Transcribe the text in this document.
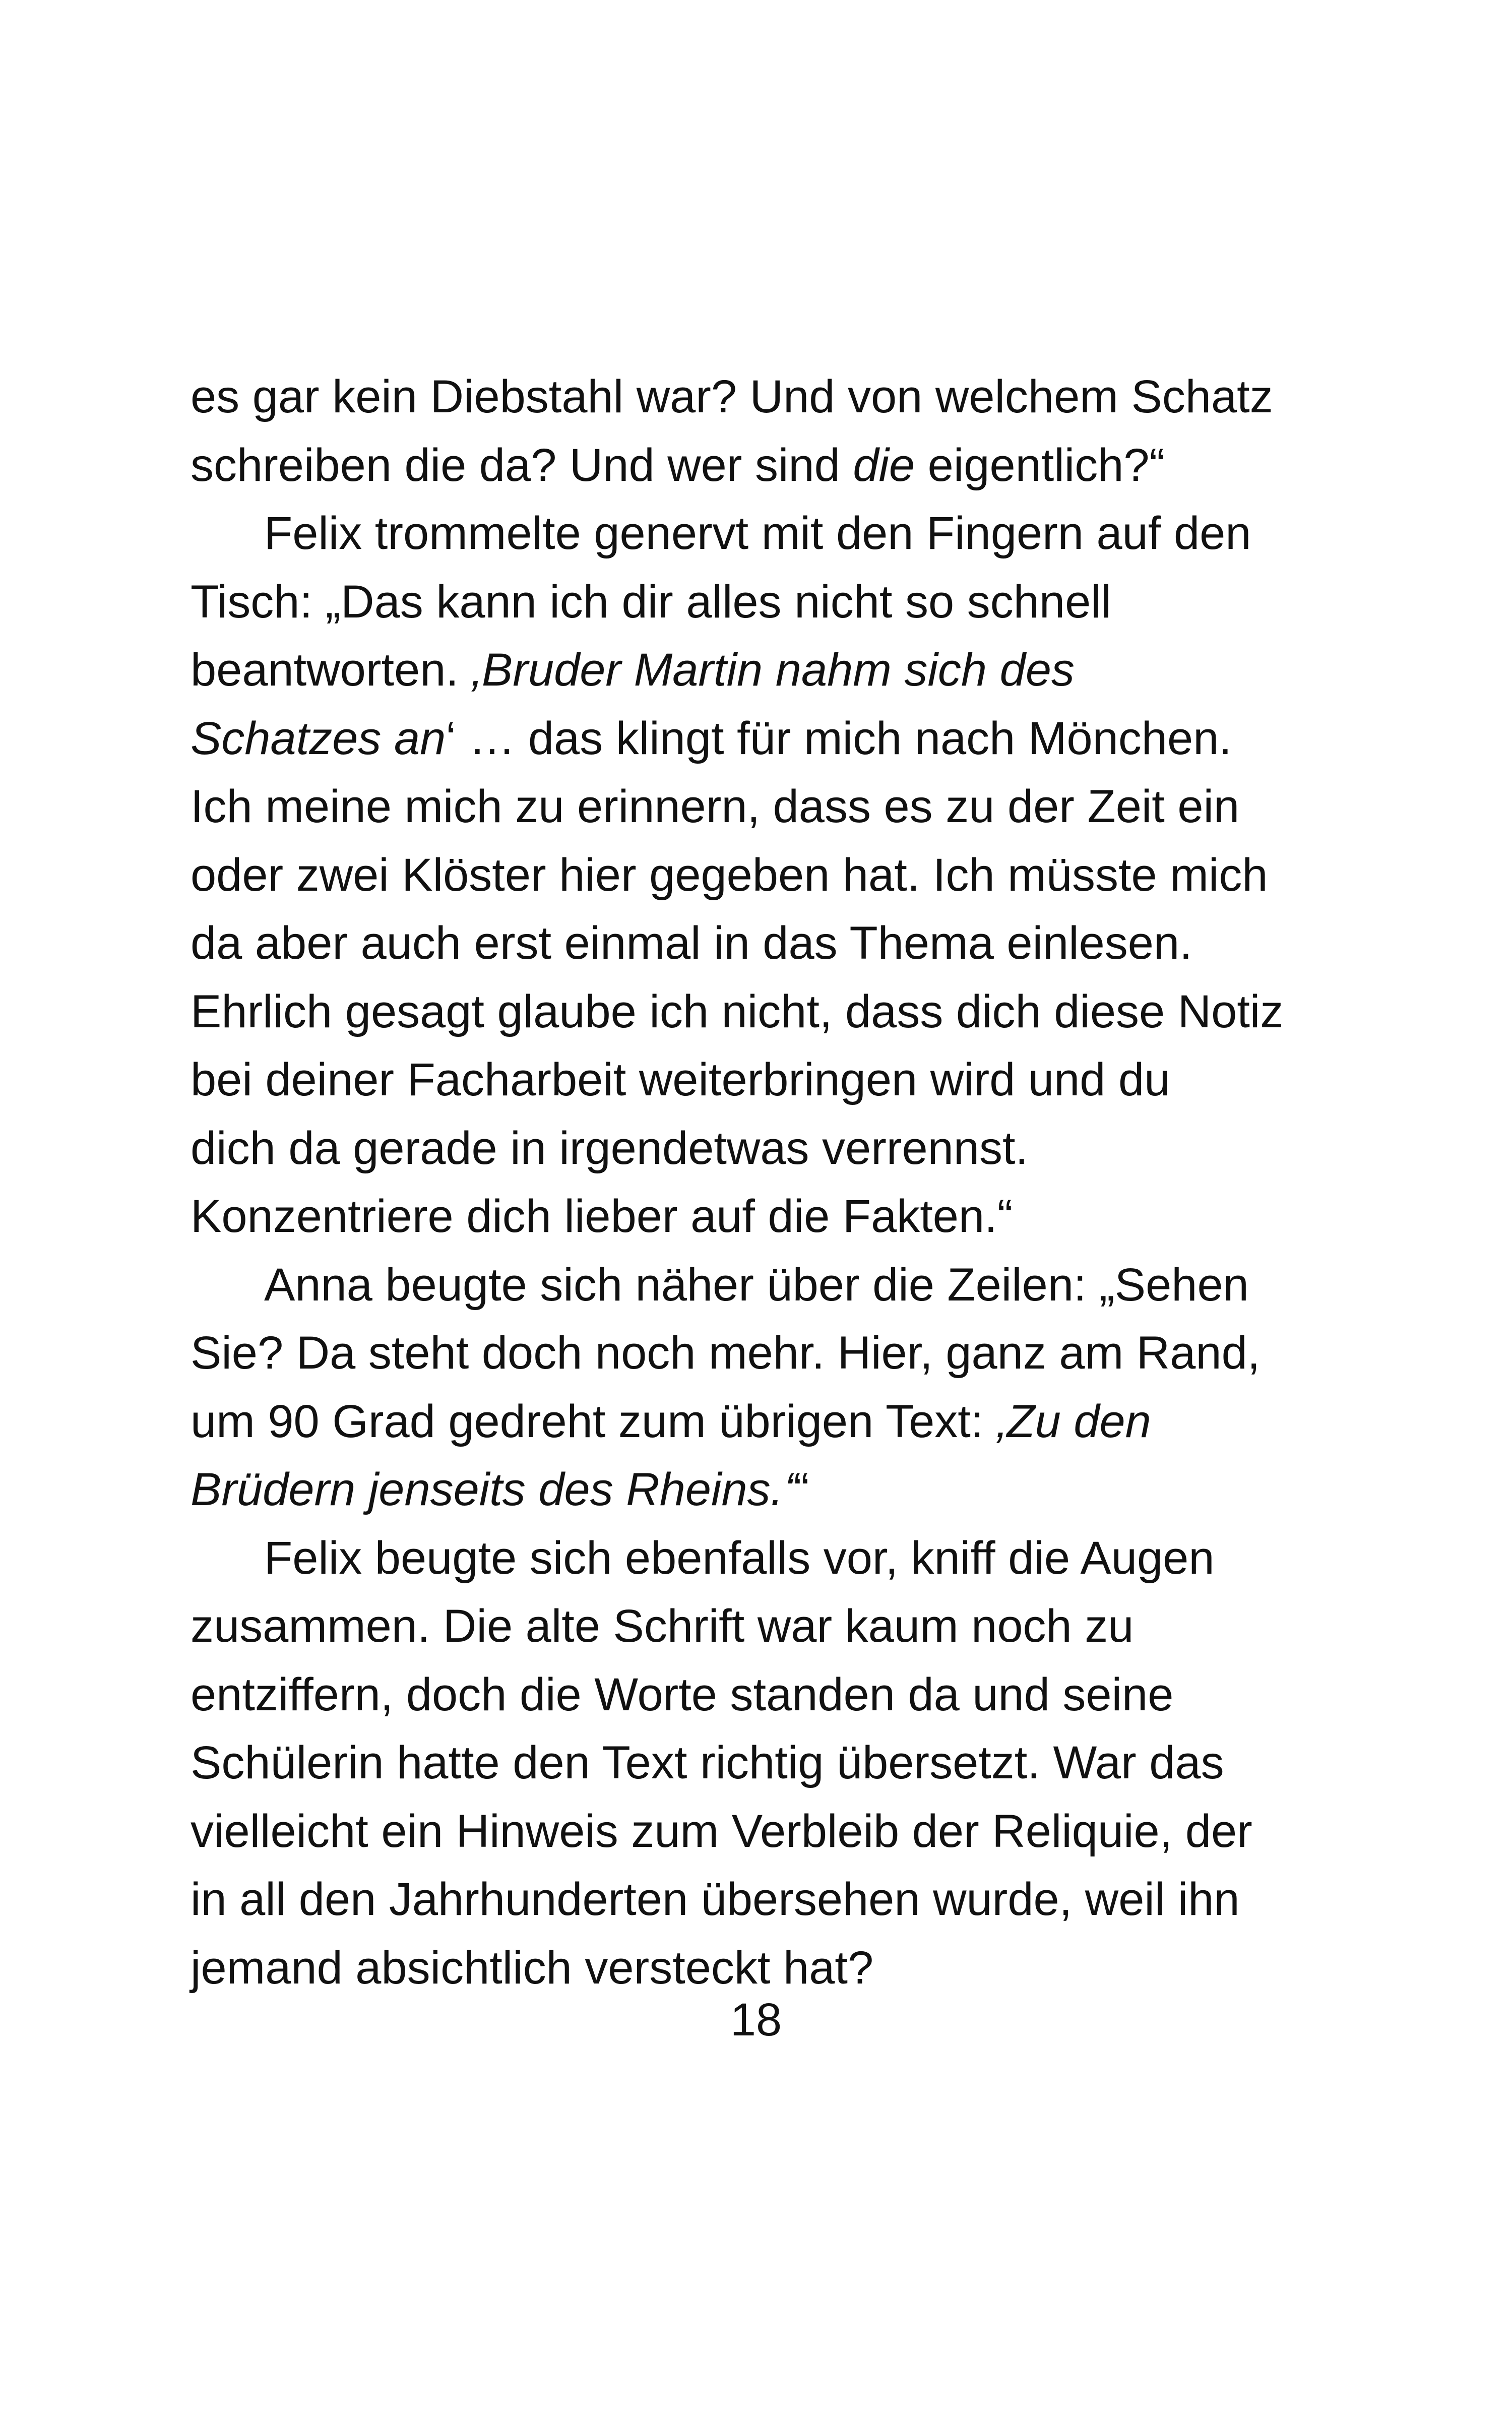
es gar kein Diebstahl war? Und von welchem Schatz
schreiben die da? Und wer sind die eigentlich?“
Felix trommelte genervt mit den Fingern auf den
Tisch: „Das kann ich dir alles nicht so schnell
beantworten. ‚Bruder Martin nahm sich des
Schatzes an‘ … das klingt für mich nach Mönchen.
Ich meine mich zu erinnern, dass es zu der Zeit ein
oder zwei Klöster hier gegeben hat. Ich müsste mich
da aber auch erst einmal in das Thema einlesen.
Ehrlich gesagt glaube ich nicht, dass dich diese Notiz
bei deiner Facharbeit weiterbringen wird und du
dich da gerade in irgendetwas verrennst.
Konzentriere dich lieber auf die Fakten.“
Anna beugte sich näher über die Zeilen: „Sehen
Sie? Da steht doch noch mehr. Hier, ganz am Rand,
um 90 Grad gedreht zum übrigen Text: ‚Zu den
Brüdern jenseits des Rheins.‘“
Felix beugte sich ebenfalls vor, kniff die Augen
zusammen. Die alte Schrift war kaum noch zu
entziffern, doch die Worte standen da und seine
Schülerin hatte den Text richtig übersetzt. War das
vielleicht ein Hinweis zum Verbleib der Reliquie, der
in all den Jahrhunderten übersehen wurde, weil ihn
jemand absichtlich versteckt hat?
18
